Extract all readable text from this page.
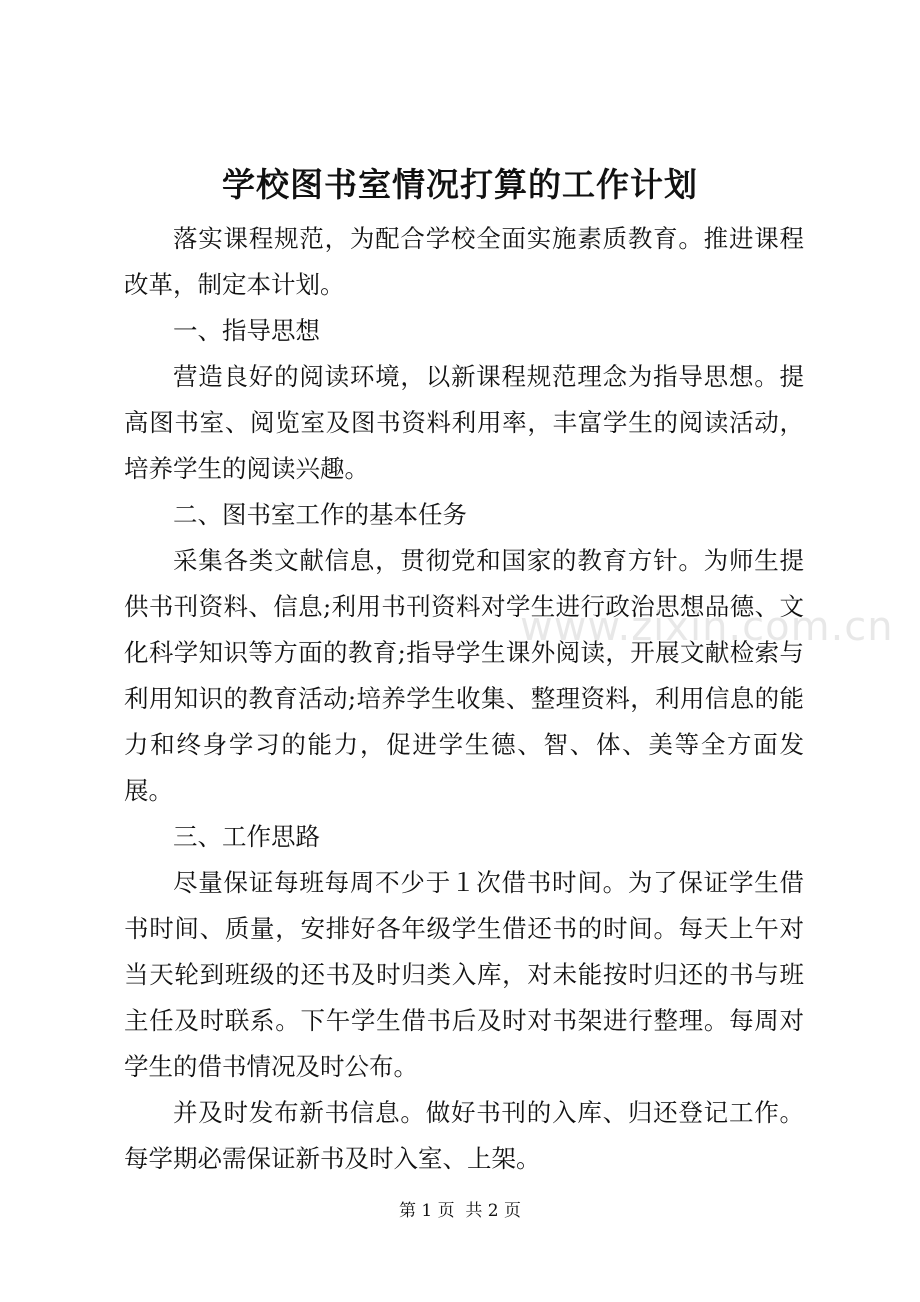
学校图书室情况打算的工作计划

落实课程规范，为配合学校全面实施素质教育。推进课程改革，制定本计划。

一、指导思想

营造良好的阅读环境，以新课程规范理念为指导思想。提高图书室、阅览室及图书资料利用率，丰富学生的阅读活动，培养学生的阅读兴趣。

二、图书室工作的基本任务

采集各类文献信息，贯彻党和国家的教育方针。为师生提供书刊资料、信息;利用书刊资料对学生进行政治思想品德、文化科学知识等方面的教育;指导学生课外阅读，开展文献检索与利用知识的教育活动;培养学生收集、整理资料，利用信息的能力和终身学习的能力，促进学生德、智、体、美等全方面发展。

三、工作思路

尽量保证每班每周不少于１次借书时间。为了保证学生借书时间、质量，安排好各年级学生借还书的时间。每天上午对当天轮到班级的还书及时归类入库，对未能按时归还的书与班主任及时联系。下午学生借书后及时对书架进行整理。每周对学生的借书情况及时公布。

并及时发布新书信息。做好书刊的入库、归还登记工作。每学期必需保证新书及时入室、上架。

www.zixin.com.cn
第 1 页  共 2 页
